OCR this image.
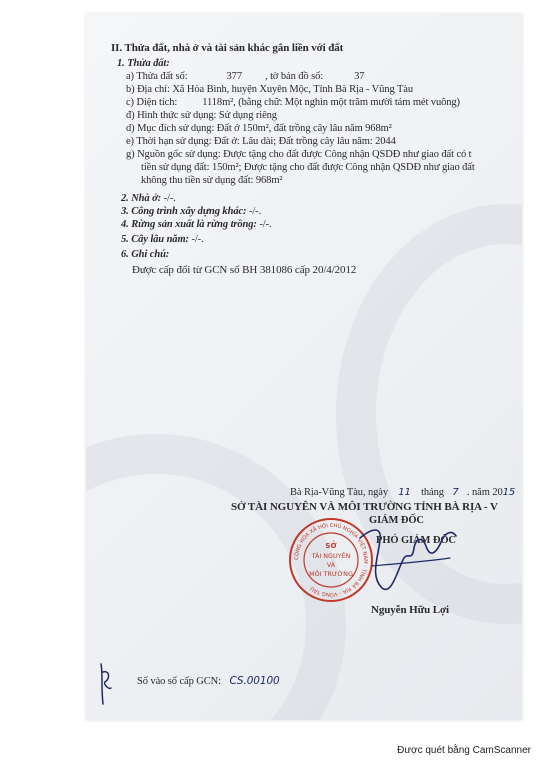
II. Thửa đất, nhà ở và tài sản khác gắn liền với đất
1. Thửa đất:
a) Thửa đất số:	377 , tờ bản đồ số:	37
b) Địa chỉ: Xã Hòa Bình, huyện Xuyên Mộc, Tỉnh Bà Rịa - Vũng Tàu
c) Diện tích: 1118m², (bằng chữ: Một nghìn một trăm mười tám mét vuông)
đ) Hình thức sử dụng: Sử dụng riêng
d) Mục đích sử dụng: Đất ở 150m², đất trồng cây lâu năm 968m²
e) Thời hạn sử dụng: Đất ở: Lâu dài; Đất trồng cây lâu năm: 2044
g) Nguồn gốc sử dụng: Được tặng cho đất được Công nhận QSDĐ như giao đất có t
tiền sử dụng đất: 150m²; Được tặng cho đất được Công nhận QSDĐ như giao đất
không thu tiền sử dụng đất: 968m²
2. Nhà ở: -/-.
3. Công trình xây dựng khác: -/-.
4. Rừng sản xuất là rừng trồng: -/-.
5. Cây lâu năm: -/-.
6. Ghi chú:
Được cấp đổi từ GCN số BH 381086 cấp 20/4/2012
Bà Rịa-Vũng Tàu, ngày 11 tháng 7 . năm 2015
SỞ TÀI NGUYÊN VÀ MÔI TRƯỜNG TỈNH BÀ RỊA - V
GIÁM ĐỐC
PHÓ GIÁM ĐỐC
CỘNG HÒA XÃ HỘI CHỦ NGHĨA VIỆT NAM · TỈNH BÀ RỊA - VŨNG TÀU
SỞ
TÀI NGUYÊN
VÀ
MÔI TRƯỜNG
Nguyễn Hữu Lợi
Số vào sổ cấp GCN: CS.00100
Được quét bằng CamScanner
